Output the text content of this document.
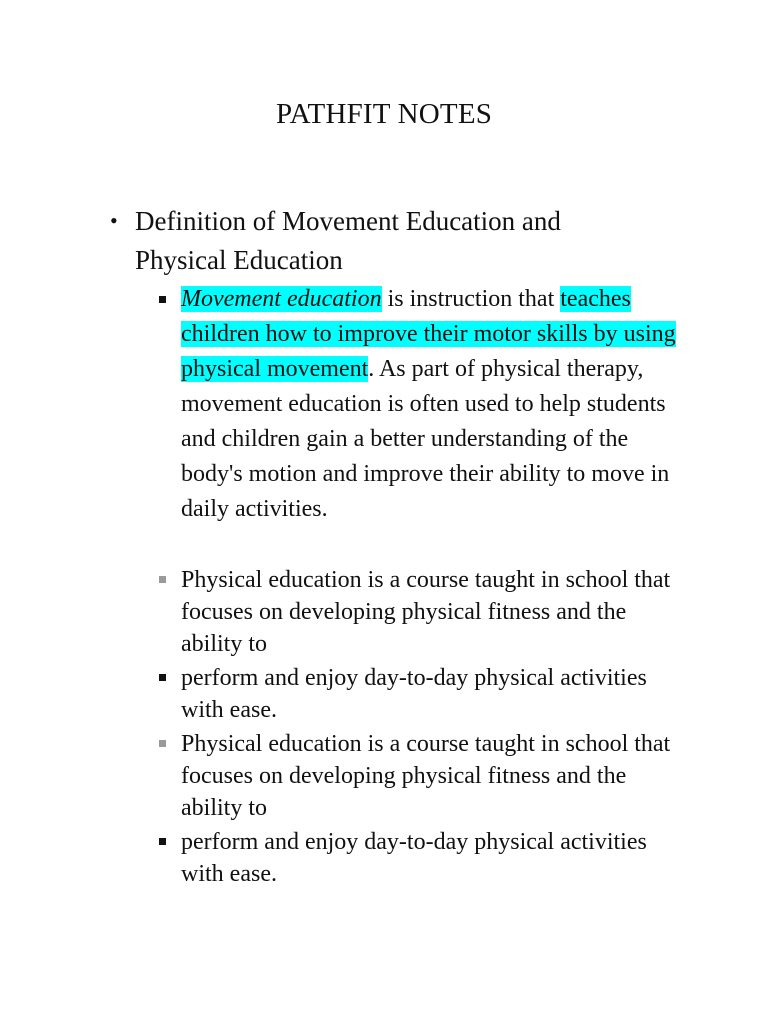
PATHFIT NOTES
• Definition of Movement Education and
Physical Education
Movement education is instruction that teaches children how to improve their motor skills by using physical movement. As part of physical therapy, movement education is often used to help students and children gain a better understanding of the body's motion and improve their ability to move in daily activities.
Physical education is a course taught in school that focuses on developing physical fitness and the ability to
perform and enjoy day-to-day physical activities with ease.
Physical education is a course taught in school that focuses on developing physical fitness and the ability to
perform and enjoy day-to-day physical activities with ease.
